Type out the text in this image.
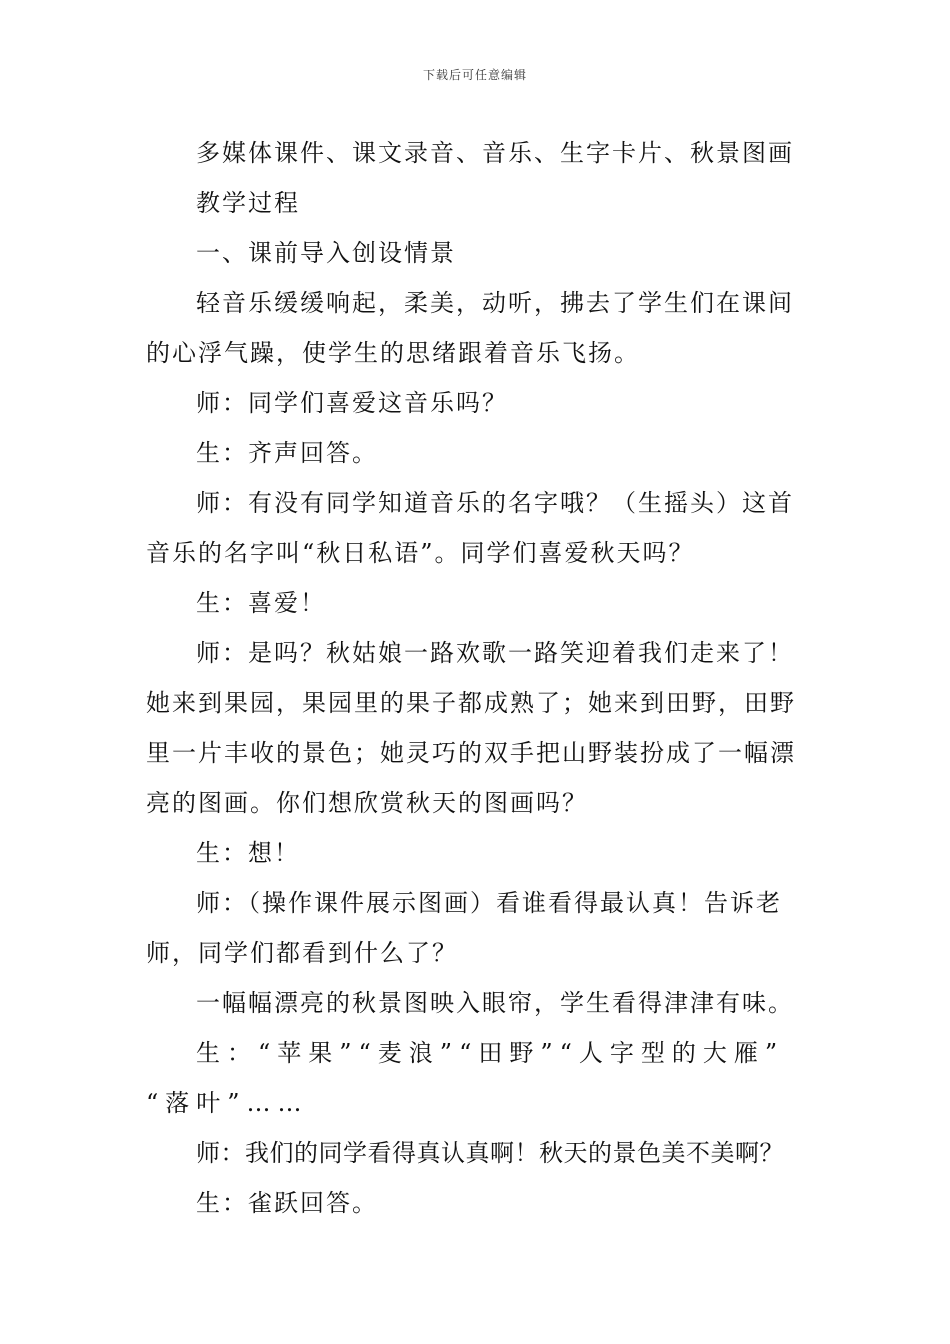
下载后可任意编辑

多媒体课件、课文录音、音乐、生字卡片、秋景图画

教学过程

一、课前导入创设情景

轻音乐缓缓响起，柔美，动听，拂去了学生们在课间
的心浮气躁，使学生的思绪跟着音乐飞扬。

师：同学们喜爱这音乐吗？

生：齐声回答。

师：有没有同学知道音乐的名字哦？（生摇头）这首
音乐的名字叫“秋日私语”。同学们喜爱秋天吗？

生：喜爱！

师：是吗？秋姑娘一路欢歌一路笑迎着我们走来了！
她来到果园，果园里的果子都成熟了；她来到田野，田野
里一片丰收的景色；她灵巧的双手把山野装扮成了一幅漂
亮的图画。你们想欣赏秋天的图画吗？

生：想！

师：（操作课件展示图画）看谁看得最认真！告诉老
师，同学们都看到什么了？

一幅幅漂亮的秋景图映入眼帘，学生看得津津有味。

生：“苹果”“麦浪”“田野”“人字型的大雁”
“落叶”……

师：我们的同学看得真认真啊！秋天的景色美不美啊？

生：雀跃回答。
